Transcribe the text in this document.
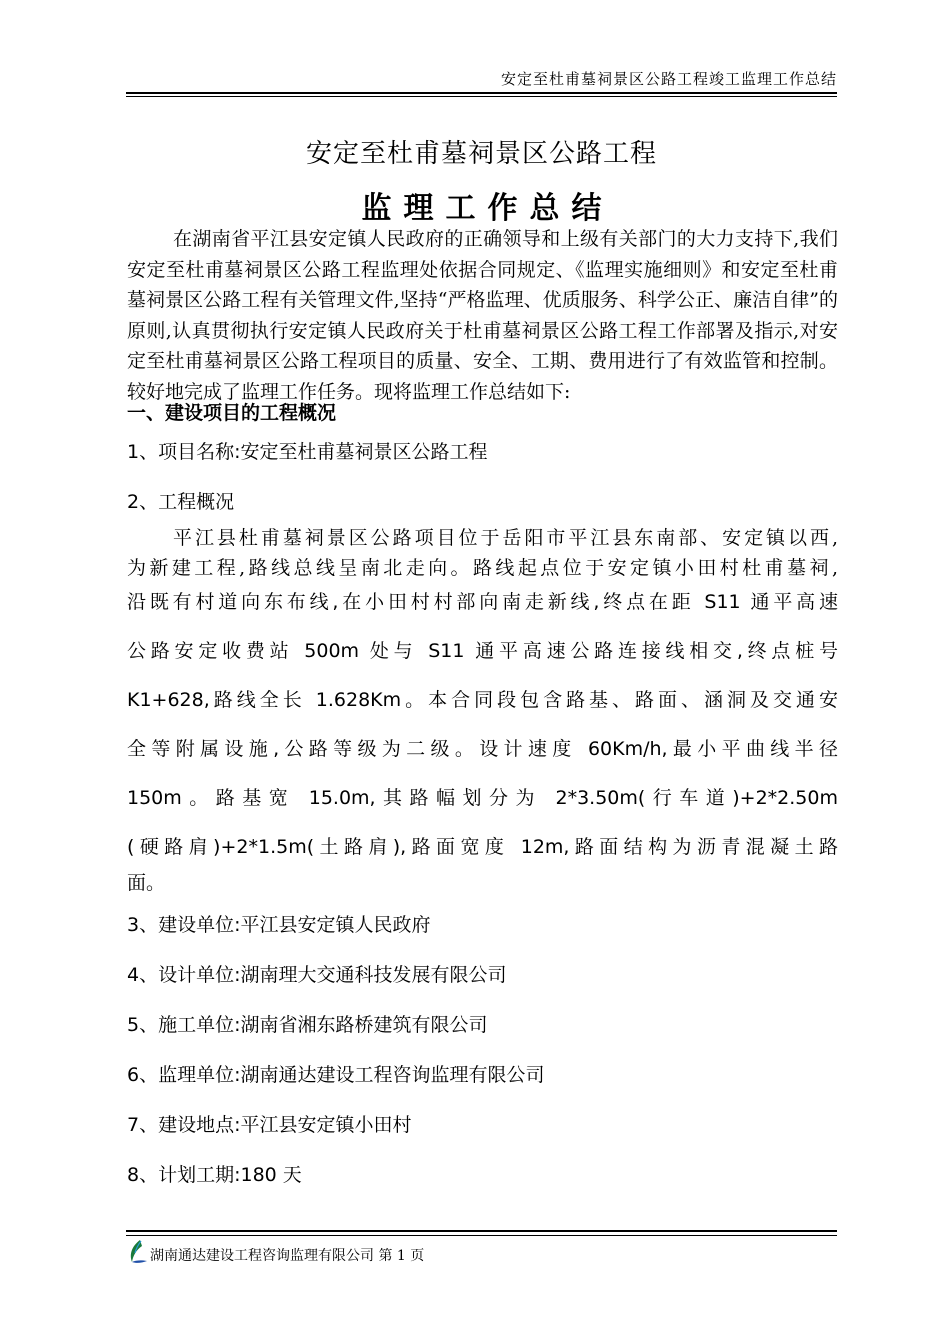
安定至杜甫墓祠景区公路工程竣工监理工作总结
安定至杜甫墓祠景区公路工程
监理工作总结

在湖南省平江县安定镇人民政府的正确领导和上级有关部门的大力支持下,我们安定至杜甫墓祠景区公路工程监理处依据合同规定、《监理实施细则》和安定至杜甫墓祠景区公路工程有关管理文件,坚持“严格监理、优质服务、科学公正、廉洁自律”的原则,认真贯彻执行安定镇人民政府关于杜甫墓祠景区公路工程工作部署及指示,对安定至杜甫墓祠景区公路工程项目的质量、安全、工期、费用进行了有效监管和控制。较好地完成了监理工作任务。现将监理工作总结如下:

一、建设项目的工程概况
1、项目名称:安定至杜甫墓祠景区公路工程
2、工程概况
平江县杜甫墓祠景区公路项目位于岳阳市平江县东南部、安定镇以西,
为新建工程,路线总线呈南北走向。路线起点位于安定镇小田村杜甫墓祠,
沿既有村道向东布线,在小田村村部向南走新线,终点在距 S11 通平高速
公路安定收费站 500m 处与 S11 通平高速公路连接线相交,终点桩号
K1+628,路线全长 1.628Km。本合同段包含路基、路面、涵洞及交通安
全等附属设施,公路等级为二级。设计速度 60Km/h,最小平曲线半径
150m。路基宽 15.0m,其路幅划分为 2*3.50m(行车道)+2*2.50m
(硬路肩)+2*1.5m(土路肩),路面宽度 12m,路面结构为沥青混凝土路
面。
3、建设单位:平江县安定镇人民政府
4、设计单位:湖南理大交通科技发展有限公司
5、施工单位:湖南省湘东路桥建筑有限公司
6、监理单位:湖南通达建设工程咨询监理有限公司
7、建设地点:平江县安定镇小田村
8、计划工期:180 天
湖南通达建设工程咨询监理有限公司 第 1 页
